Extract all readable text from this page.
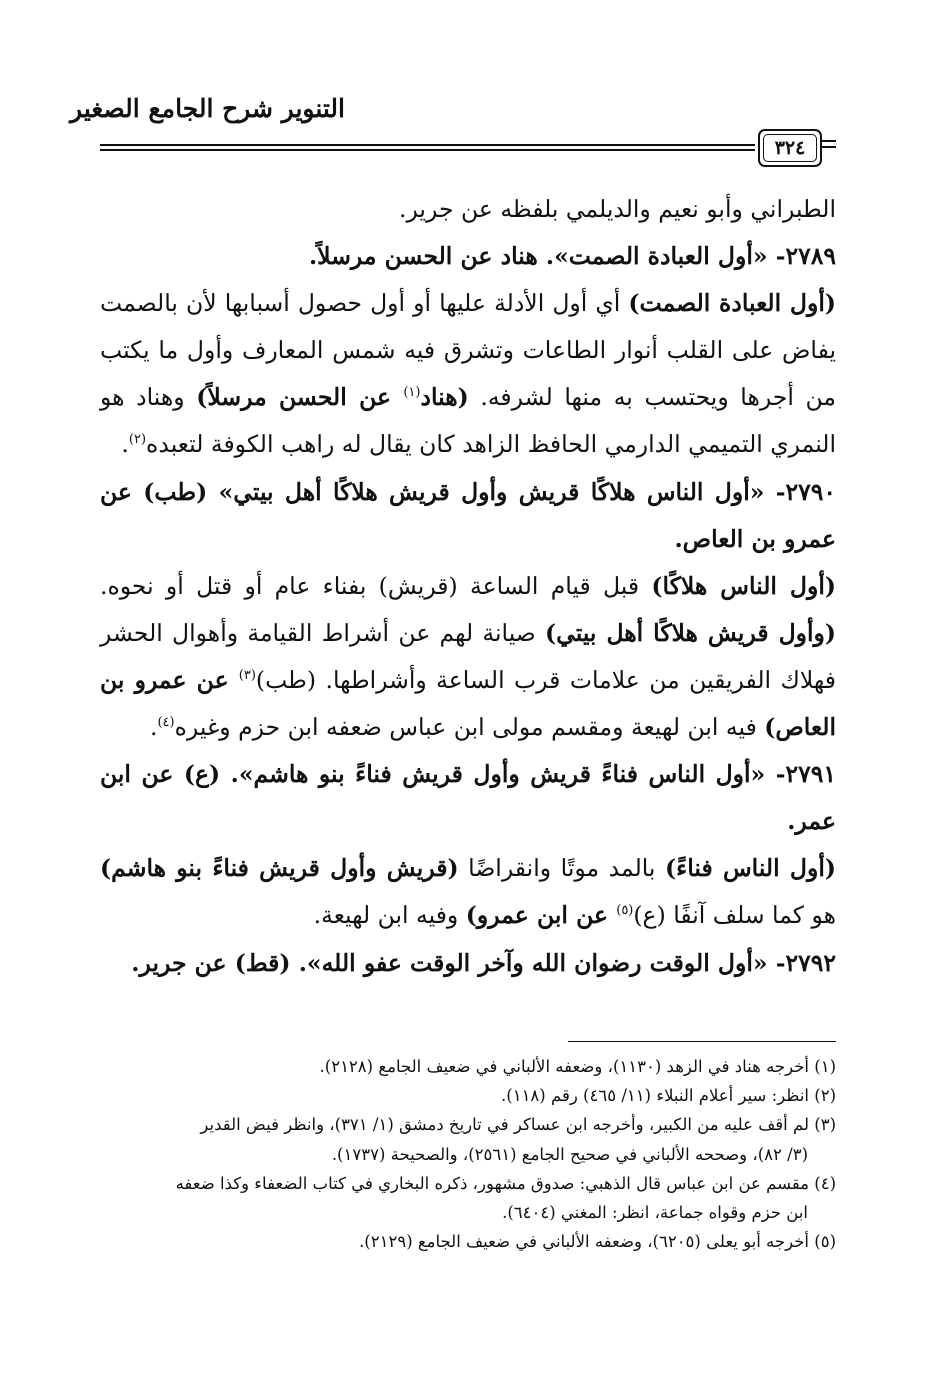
التنوير شرح الجامع الصغير
٣٢٤

الطبراني وأبو نعيم والديلمي بلفظه عن جرير.

٢٧٨٩- «أول العبادة الصمت». هناد عن الحسن مرسلاً.

(أول العبادة الصمت) أي أول الأدلة عليها أو أول حصول أسبابها لأن بالصمت يفاض على القلب أنوار الطاعات وتشرق فيه شمس المعارف وأول ما يكتب من أجرها ويحتسب به منها لشرفه. (هناد$^{(١)}$ عن الحسن مرسلاً) وهناد هو النمري التميمي الدارمي الحافظ الزاهد كان يقال له راهب الكوفة لتعبده$^{(٢)}$.

٢٧٩٠- «أول الناس هلاكًا قريش وأول قريش هلاكًا أهل بيتي» (طب) عن عمرو بن العاص.

(أول الناس هلاكًا) قبل قيام الساعة (قريش) بفناء عام أو قتل أو نحوه. (وأول قريش هلاكًا أهل بيتي) صيانة لهم عن أشراط القيامة وأهوال الحشر فهلاك الفريقين من علامات قرب الساعة وأشراطها. (طب)$^{(٣)}$ عن عمرو بن العاص) فيه ابن لهيعة ومقسم مولى ابن عباس ضعفه ابن حزم وغيره$^{(٤)}$.

٢٧٩١- «أول الناس فناءً قريش وأول قريش فناءً بنو هاشم». (ع) عن ابن عمر.

(أول الناس فناءً) بالمد موتًا وانقراضًا (قريش وأول قريش فناءً بنو هاشم) هو كما سلف آنفًا (ع)$^{(٥)}$ عن ابن عمرو) وفيه ابن لهيعة.

٢٧٩٢- «أول الوقت رضوان الله وآخر الوقت عفو الله». (قط) عن جرير.

(١) أخرجه هناد في الزهد (١١٣٠)، وضعفه الألباني في ضعيف الجامع (٢١٢٨).

(٢) انظر: سير أعلام النبلاء (١١/ ٤٦٥) رقم (١١٨).

(٣) لم أقف عليه من الكبير، وأخرجه ابن عساكر في تاريخ دمشق (١/ ٣٧١)، وانظر فيض القدير

(٣/ ٨٢)، وصححه الألباني في صحيح الجامع (٢٥٦١)، والصحيحة (١٧٣٧).

(٤) مقسم عن ابن عباس قال الذهبي: صدوق مشهور، ذكره البخاري في كتاب الضعفاء وكذا ضعفه

ابن حزم وقواه جماعة، انظر: المغني (٦٤٠٤).

(٥) أخرجه أبو يعلى (٦٢٠٥)، وضعفه الألباني في ضعيف الجامع (٢١٢٩).
